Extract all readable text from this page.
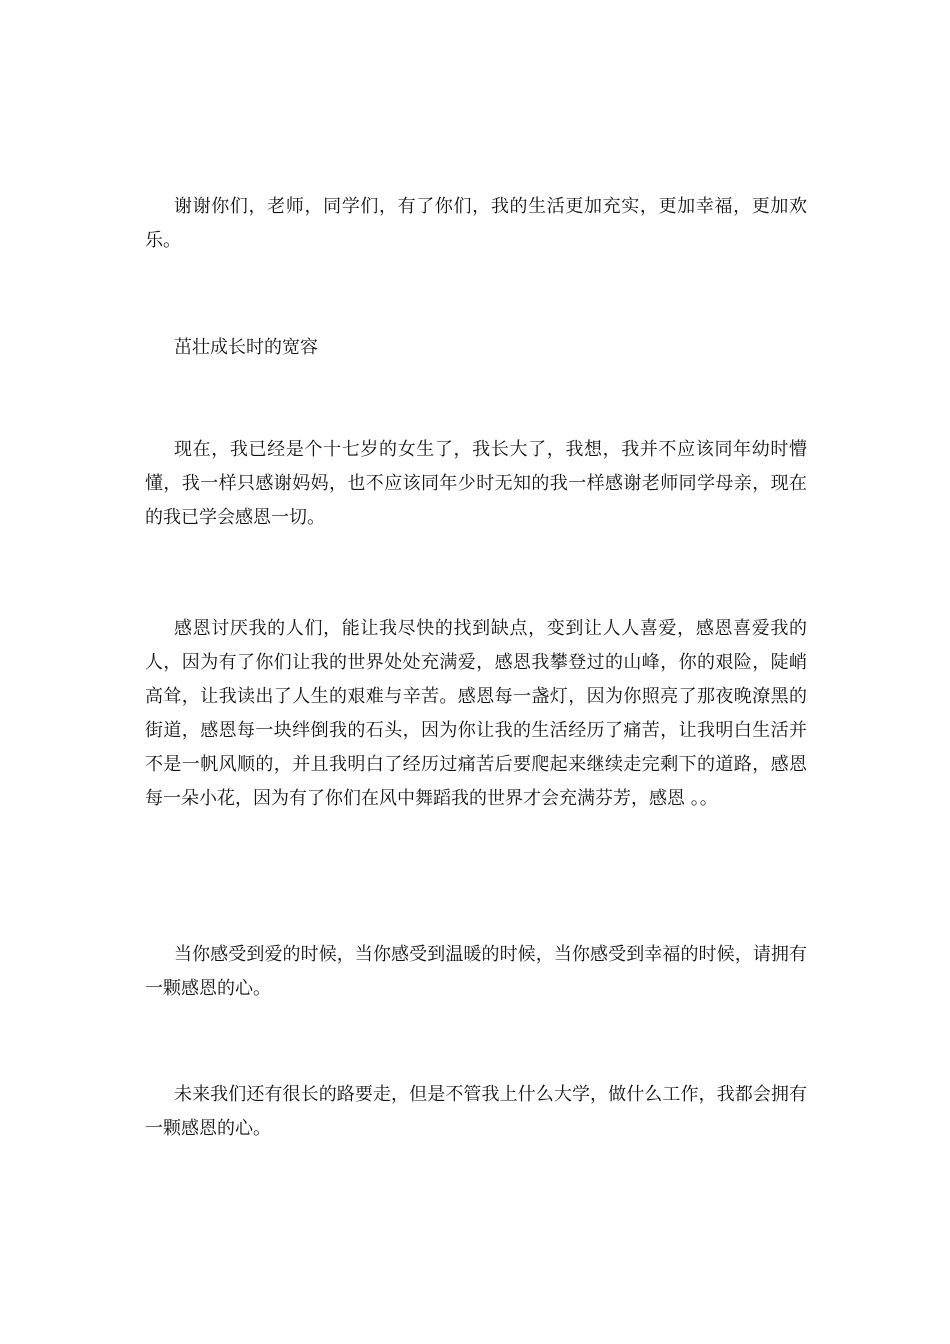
谢谢你们，老师，同学们，有了你们，我的生活更加充实，更加幸福，更加欢乐。

茁壮成长时的宽容

现在，我已经是个十七岁的女生了，我长大了，我想，我并不应该同年幼时懵懂，我一样只感谢妈妈，也不应该同年少时无知的我一样感谢老师同学母亲，现在的我已学会感恩一切。

感恩讨厌我的人们，能让我尽快的找到缺点，变到让人人喜爱，感恩喜爱我的人，因为有了你们让我的世界处处充满爱，感恩我攀登过的山峰，你的艰险，陡峭高耸，让我读出了人生的艰难与辛苦。感恩每一盏灯，因为你照亮了那夜晚潦黑的街道，感恩每一块绊倒我的石头，因为你让我的生活经历了痛苦，让我明白生活并不是一帆风顺的，并且我明白了经历过痛苦后要爬起来继续走完剩下的道路，感恩每一朵小花，因为有了你们在风中舞蹈我的世界才会充满芬芳，感恩 。。

当你感受到爱的时候，当你感受到温暖的时候，当你感受到幸福的时候，请拥有一颗感恩的心。

未来我们还有很长的路要走，但是不管我上什么大学，做什么工作，我都会拥有一颗感恩的心。
